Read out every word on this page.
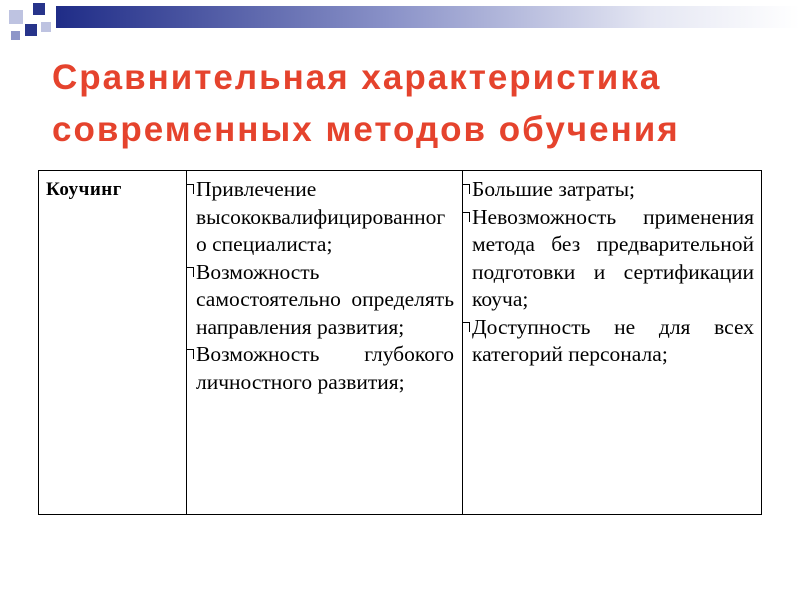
Сравнительная характеристика
современных методов обучения
Коучинг	Привлечение высококвалифицированного специалиста;
Возможность самостоятельно определять направления развития;
Возможность глубокого личностного развития;
Большие затраты;
Невозможность применения метода без предварительной подготовки и сертификации коуча;
Доступность не для всех категорий персонала;
